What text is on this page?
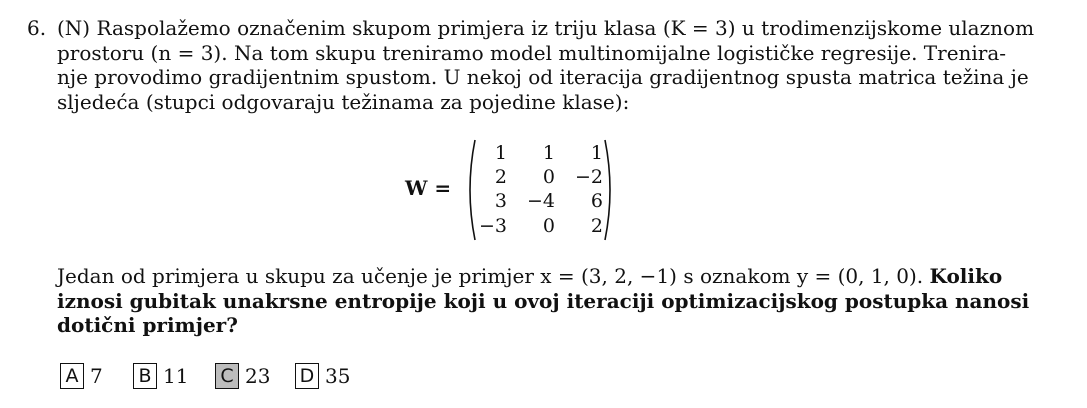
6. (N) Raspolažemo označenim skupom primjera iz triju klasa (K = 3) u trodimenzijskome ulaznom
prostoru (n = 3). Na tom skupu treniramo model multinomijalne logističke regresije. Trenira-
nje provodimo gradijentnim spustom. U nekoj od iteracija gradijentnog spusta matrica težina je
sljedeća (stupci odgovaraju težinama za pojedine klase):
W =
1	1	1
2	0	−2
3	−4	6
−3	0	2
Jedan od primjera u skupu za učenje je primjer x = (3, 2, −1) s oznakom y = (0, 1, 0). Koliko
iznosi gubitak unakrsne entropije koji u ovoj iteraciji optimizacijskog postupka nanosi
dotični primjer?
A 7 B 11 C 23 D 35
